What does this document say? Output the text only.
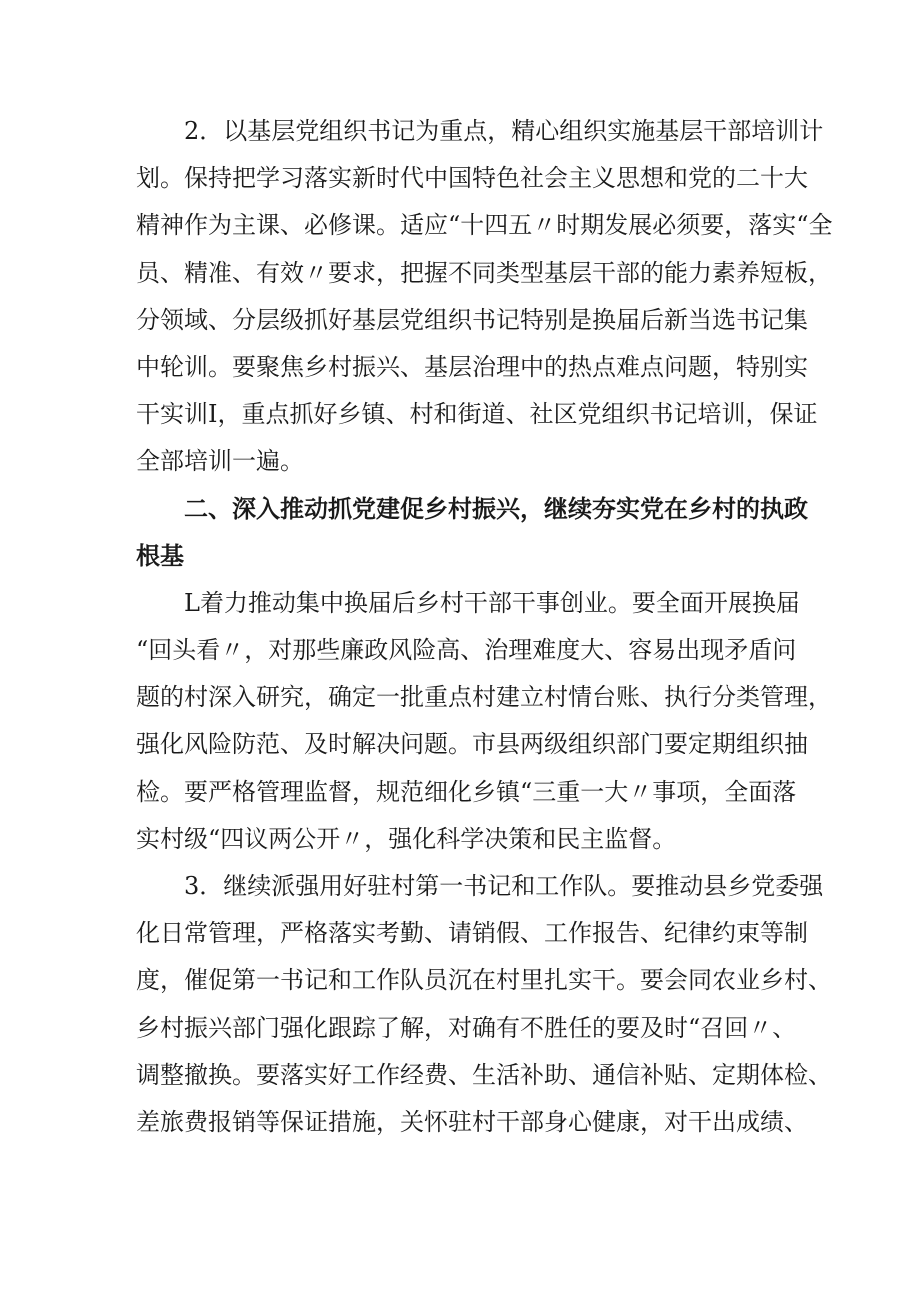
2．以基层党组织书记为重点，精心组织实施基层干部培训计

划。保持把学习落实新时代中国特色社会主义思想和党的二十大

精神作为主课、必修课。适应“十四五〃时期发展必须要，落实“全

员、精准、有效〃要求，把握不同类型基层干部的能力素养短板，

分领域、分层级抓好基层党组织书记特别是换届后新当选书记集

中轮训。要聚焦乡村振兴、基层治理中的热点难点问题，特别实

干实训I，重点抓好乡镇、村和街道、社区党组织书记培训，保证

全部培训一遍。

二、深入推动抓党建促乡村振兴，继续夯实党在乡村的执政

根基

L着力推动集中换届后乡村干部干事创业。要全面开展换届

“回头看〃，对那些廉政风险高、治理难度大、容易出现矛盾问

题的村深入研究，确定一批重点村建立村情台账、执行分类管理，

强化风险防范、及时解决问题。市县两级组织部门要定期组织抽

检。要严格管理监督，规范细化乡镇“三重一大〃事项，全面落

实村级“四议两公开〃，强化科学决策和民主监督。

3．继续派强用好驻村第一书记和工作队。要推动县乡党委强

化日常管理，严格落实考勤、请销假、工作报告、纪律约束等制

度，催促第一书记和工作队员沉在村里扎实干。要会同农业乡村、

乡村振兴部门强化跟踪了解，对确有不胜任的要及时“召回〃、

调整撤换。要落实好工作经费、生活补助、通信补贴、定期体检、

差旅费报销等保证措施，关怀驻村干部身心健康，对干出成绩、
